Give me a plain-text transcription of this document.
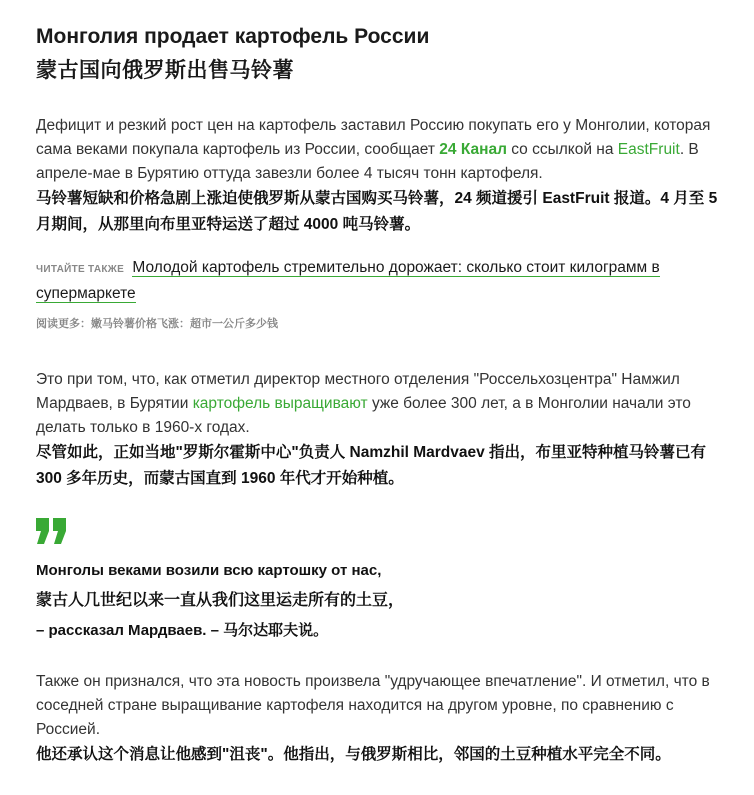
Монголия продает картофель России
蒙古国向俄罗斯出售马铃薯

Дефицит и резкий рост цен на картофель заставил Россию покупать его у Монголии, которая сама веками покупала картофель из России, сообщает 24 Канал со ссылкой на EastFruit. В апреле-мае в Бурятию оттуда завезли более 4 тысяч тонн картофеля.

马铃薯短缺和价格急剧上涨迫使俄罗斯从蒙古国购买马铃薯，24 频道援引 EastFruit 报道。4 月至 5 月期间，从那里向布里亚特运送了超过 4000 吨马铃薯。

ЧИТАЙТЕ ТАКЖЕ Молодой картофель стремительно дорожает: сколько стоит килограмм в супермаркете
阅读更多：嫩马铃薯价格飞涨：超市一公斤多少钱

Это при том, что, как отметил директор местного отделения "Россельхозцентра" Намжил Мардваев, в Бурятии картофель выращивают уже более 300 лет, а в Монголии начали это делать только в 1960-х годах.

尽管如此，正如当地"罗斯尔霍斯中心"负责人 Namzhil Mardvaev 指出，布里亚特种植马铃薯已有 300 多年历史，而蒙古国直到 1960 年代才开始种植。

Монголы веками возили всю картошку от нас,
蒙古人几世纪以来一直从我们这里运走所有的土豆，
– рассказал Мардваев. – 马尔达耶夫说。

Также он признался, что эта новость произвела "удручающее впечатление". И отметил, что в соседней стране выращивание картофеля находится на другом уровне, по сравнению с Россией.

他还承认这个消息让他感到"沮丧"。他指出，与俄罗斯相比，邻国的土豆种植水平完全不同。
